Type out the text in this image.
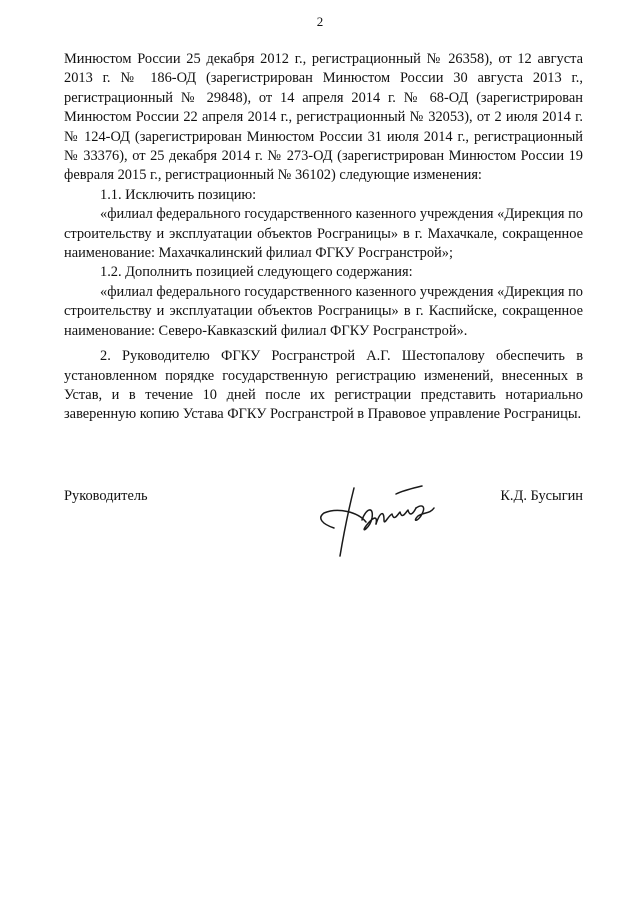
2

Минюстом России 25 декабря 2012 г., регистрационный № 26358), от 12 августа 2013 г. № 186-ОД (зарегистрирован Минюстом России 30 августа 2013 г., регистрационный № 29848), от 14 апреля 2014 г. № 68-ОД (зарегистрирован Минюстом России 22 апреля 2014 г., регистрационный № 32053), от 2 июля 2014 г. № 124-ОД (зарегистрирован Минюстом России 31 июля 2014 г., регистрационный № 33376), от 25 декабря 2014 г. № 273-ОД (зарегистрирован Минюстом России 19 февраля 2015 г., регистрационный № 36102) следующие изменения:

1.1. Исключить позицию:

«филиал федерального государственного казенного учреждения «Дирекция по строительству и эксплуатации объектов Росграницы» в г. Махачкале, сокращенное наименование: Махачкалинский филиал ФГКУ Росгранстрой»;

1.2. Дополнить позицией следующего содержания:

«филиал федерального государственного казенного учреждения «Дирекция по строительству и эксплуатации объектов Росграницы» в г. Каспийске, сокращенное наименование: Северо-Кавказский филиал ФГКУ Росгранстрой».

2. Руководителю ФГКУ Росгранстрой А.Г. Шестопалову обеспечить в установленном порядке государственную регистрацию изменений, внесенных в Устав, и в течение 10 дней после их регистрации представить нотариально заверенную копию Устава ФГКУ Росгранстрой в Правовое управление Росграницы.

Руководитель	К.Д. Бусыгин
